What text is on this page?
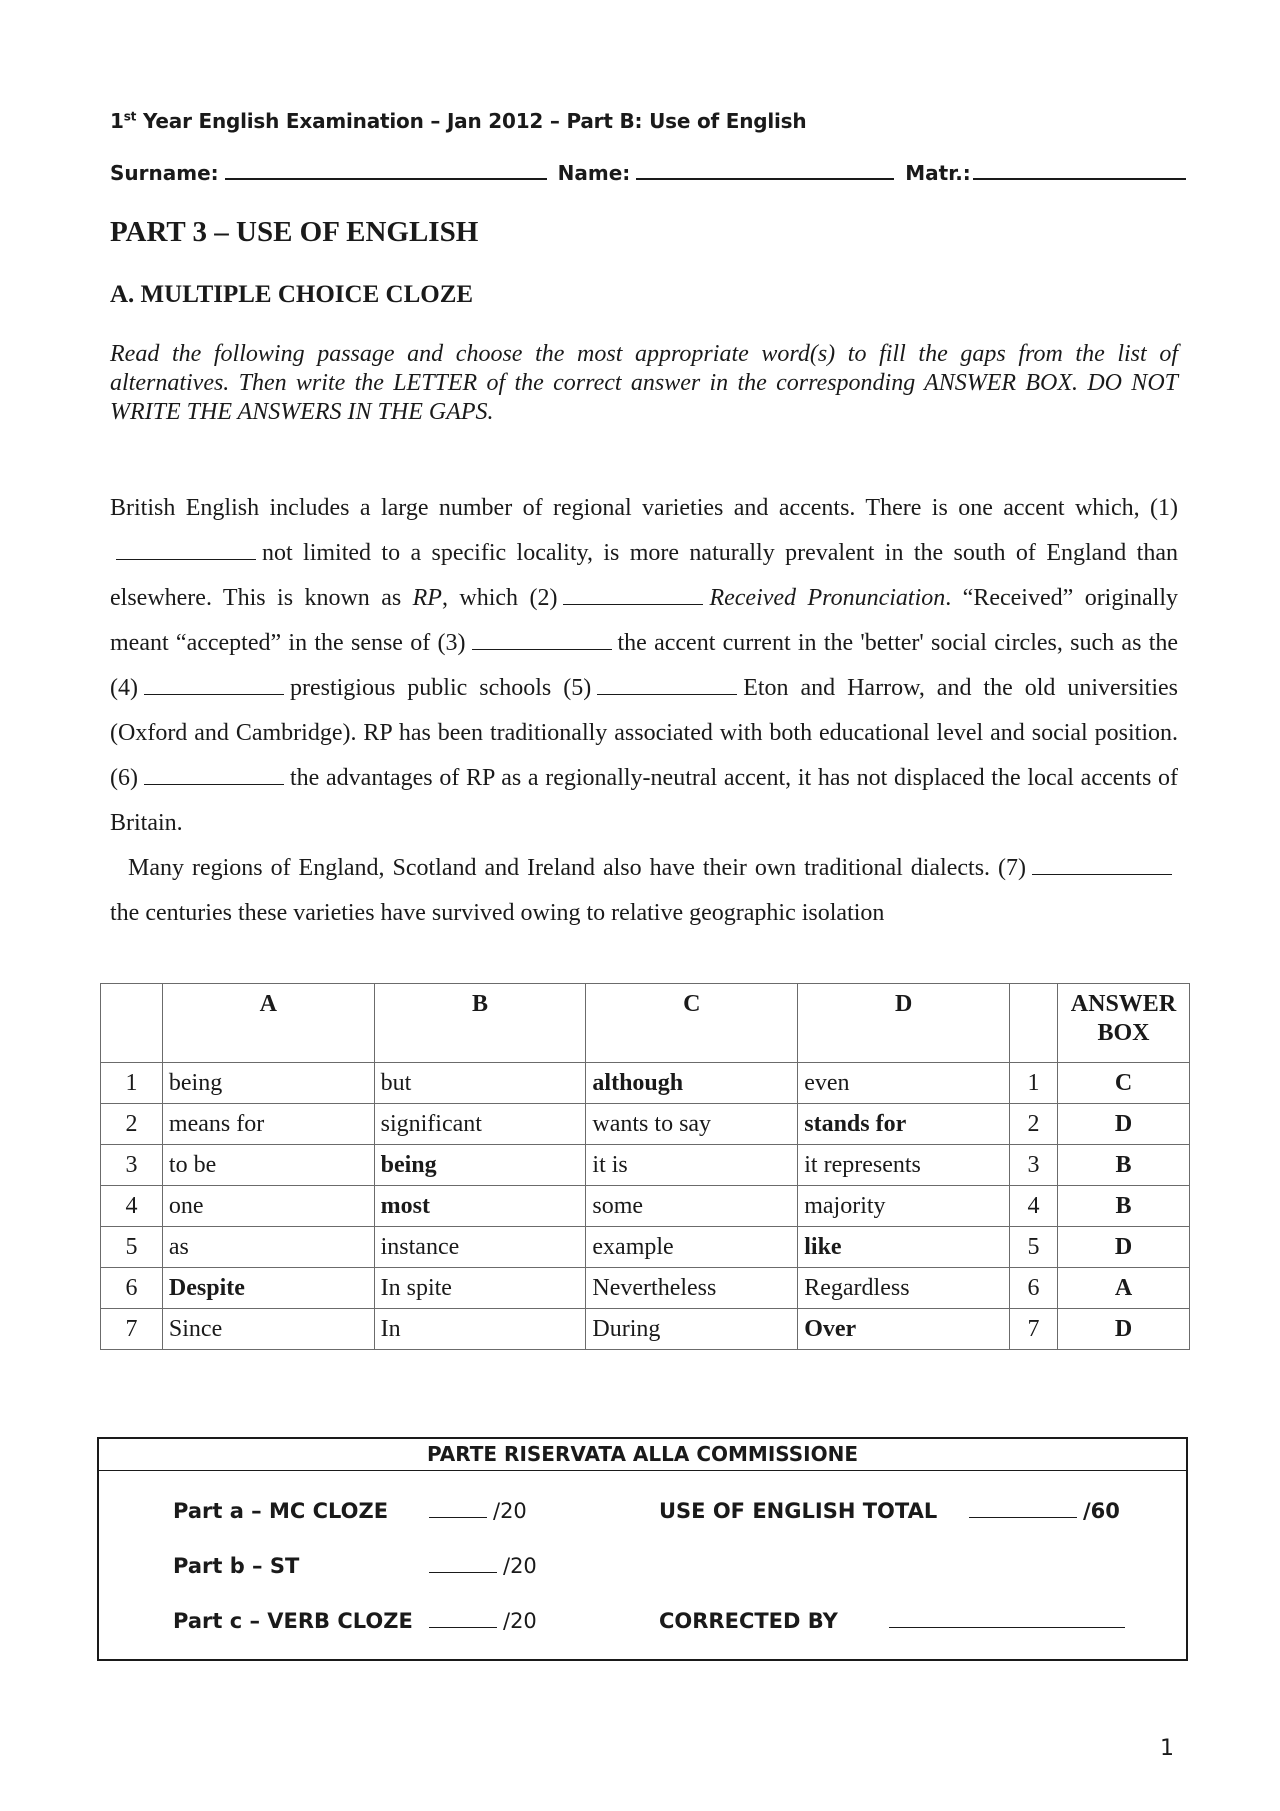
1st Year English Examination – Jan 2012 – Part B: Use of English
Surname:	Name:	Matr.:
PART 3 – USE OF ENGLISH
A. MULTIPLE CHOICE CLOZE
Read the following passage and choose the most appropriate word(s) to fill the gaps from the list of alternatives. Then write the LETTER of the correct answer in the corresponding ANSWER BOX. DO NOT WRITE THE ANSWERS IN THE GAPS.

British English includes a large number of regional varieties and accents. There is one accent which, (1)not limited to a specific locality, is more naturally prevalent in the south of England than elsewhere. This is known as RP, which (2)	Received Pronunciation. “Received” originally meant “accepted” in the sense of (3)	the accent current in the 'better' social circles, such as the (4)	prestigious public schools (5)	Eton and Harrow, and the old universities (Oxford and Cambridge). RP has been traditionally associated with both educational level and social position. (6)	the advantages of RP as a regionally-neutral accent, it has not displaced the local accents of Britain.

Many regions of England, Scotland and Ireland also have their own traditional dialects. (7)the centuries these varieties have survived owing to relative geographic isolation

	A	B	C	D		ANSWER BOX
1	being	but	although	even	1	C
2	means for	significant	wants to say	stands for	2	D
3	to be	being	it is	it represents	3	B
4	one	most	some	majority	4	B
5	as	instance	example	like	5	D
6	Despite	In spite	Nevertheless	Regardless	6	A
7	Since	In	During	Over	7	D
PARTE RISERVATA ALLA COMMISSIONE
Part a – MC CLOZE	/20
Part b – ST	/20
Part c – VERB CLOZE	/20
USE OF ENGLISH TOTAL	/60
CORRECTED BY
1
